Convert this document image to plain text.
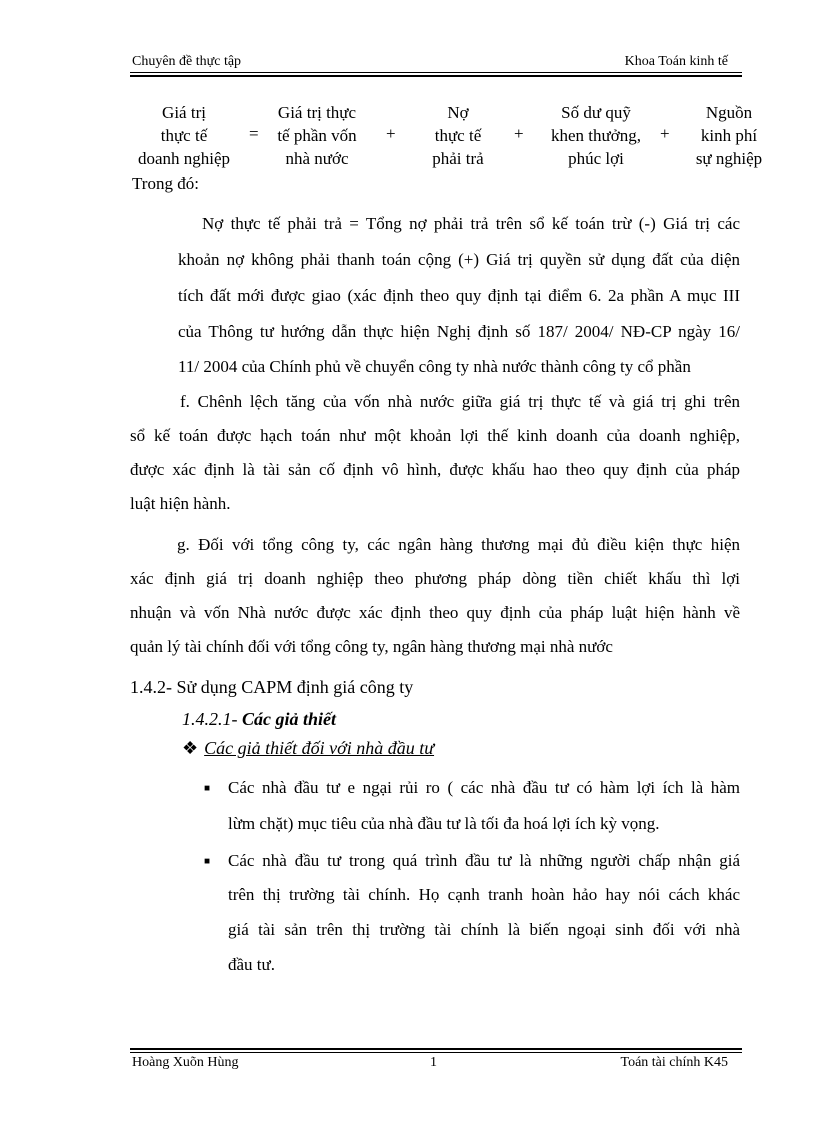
Chuyên đề thực tập	Khoa Toán kinh tế
Giá trị
thực tế
doanh nghiệp
=
Giá trị thực
tế phần vốn
nhà nước
+
Nợ
thực tế
phải trả
+
Số dư quỹ
khen thưởng,
phúc lợi
+
Nguồn
kinh phí
sự nghiệp
Trong đó:
Nợ thực tế phải trả = Tổng nợ phải trả trên sổ kế toán trừ (-) Giá trị các
khoản nợ không phải thanh toán cộng (+) Giá trị quyền sử dụng đất của diện
tích đất mới được giao (xác định theo quy định tại điểm 6. 2a phần A mục III
của Thông tư hướng dẫn thực hiện Nghị định số 187/ 2004/ NĐ-CP ngày 16/
11/ 2004 của Chính phủ về chuyển công ty nhà nước thành công ty cổ phần
f. Chênh lệch tăng của vốn nhà nước giữa giá trị thực tế và giá trị ghi trên
sổ kế toán được hạch toán như một khoản lợi thế kinh doanh của doanh nghiệp,
được xác định là tài sản cố định vô hình, được khấu hao theo quy định của pháp
luật hiện hành.
g. Đối với tổng công ty, các ngân hàng thương mại đủ điều kiện thực hiện
xác định giá trị doanh nghiệp theo phương pháp dòng tiền chiết khấu thì lợi
nhuận và vốn Nhà nước được xác định theo quy định của pháp luật hiện hành về
quản lý tài chính đối với tổng công ty, ngân hàng thương mại nhà nước
1.4.2- Sử dụng CAPM định giá công ty
1.4.2.1- Các giả thiết
❖ Các giả thiết đối với nhà đầu tư
■ Các nhà đầu tư e ngại rủi ro ( các nhà đầu tư có hàm lợi ích là hàm
lừm chặt) mục tiêu của nhà đầu tư là tối đa hoá lợi ích kỳ vọng.
■ Các nhà đầu tư trong quá trình đầu tư là những người chấp nhận giá
trên thị trường tài chính. Họ cạnh tranh hoàn hảo hay nói cách khác
giá tài sản trên thị trường tài chính là biến ngoại sinh đối với nhà
đầu tư.
Hoàng Xuõn Hùng	1	Toán tài chính K45
